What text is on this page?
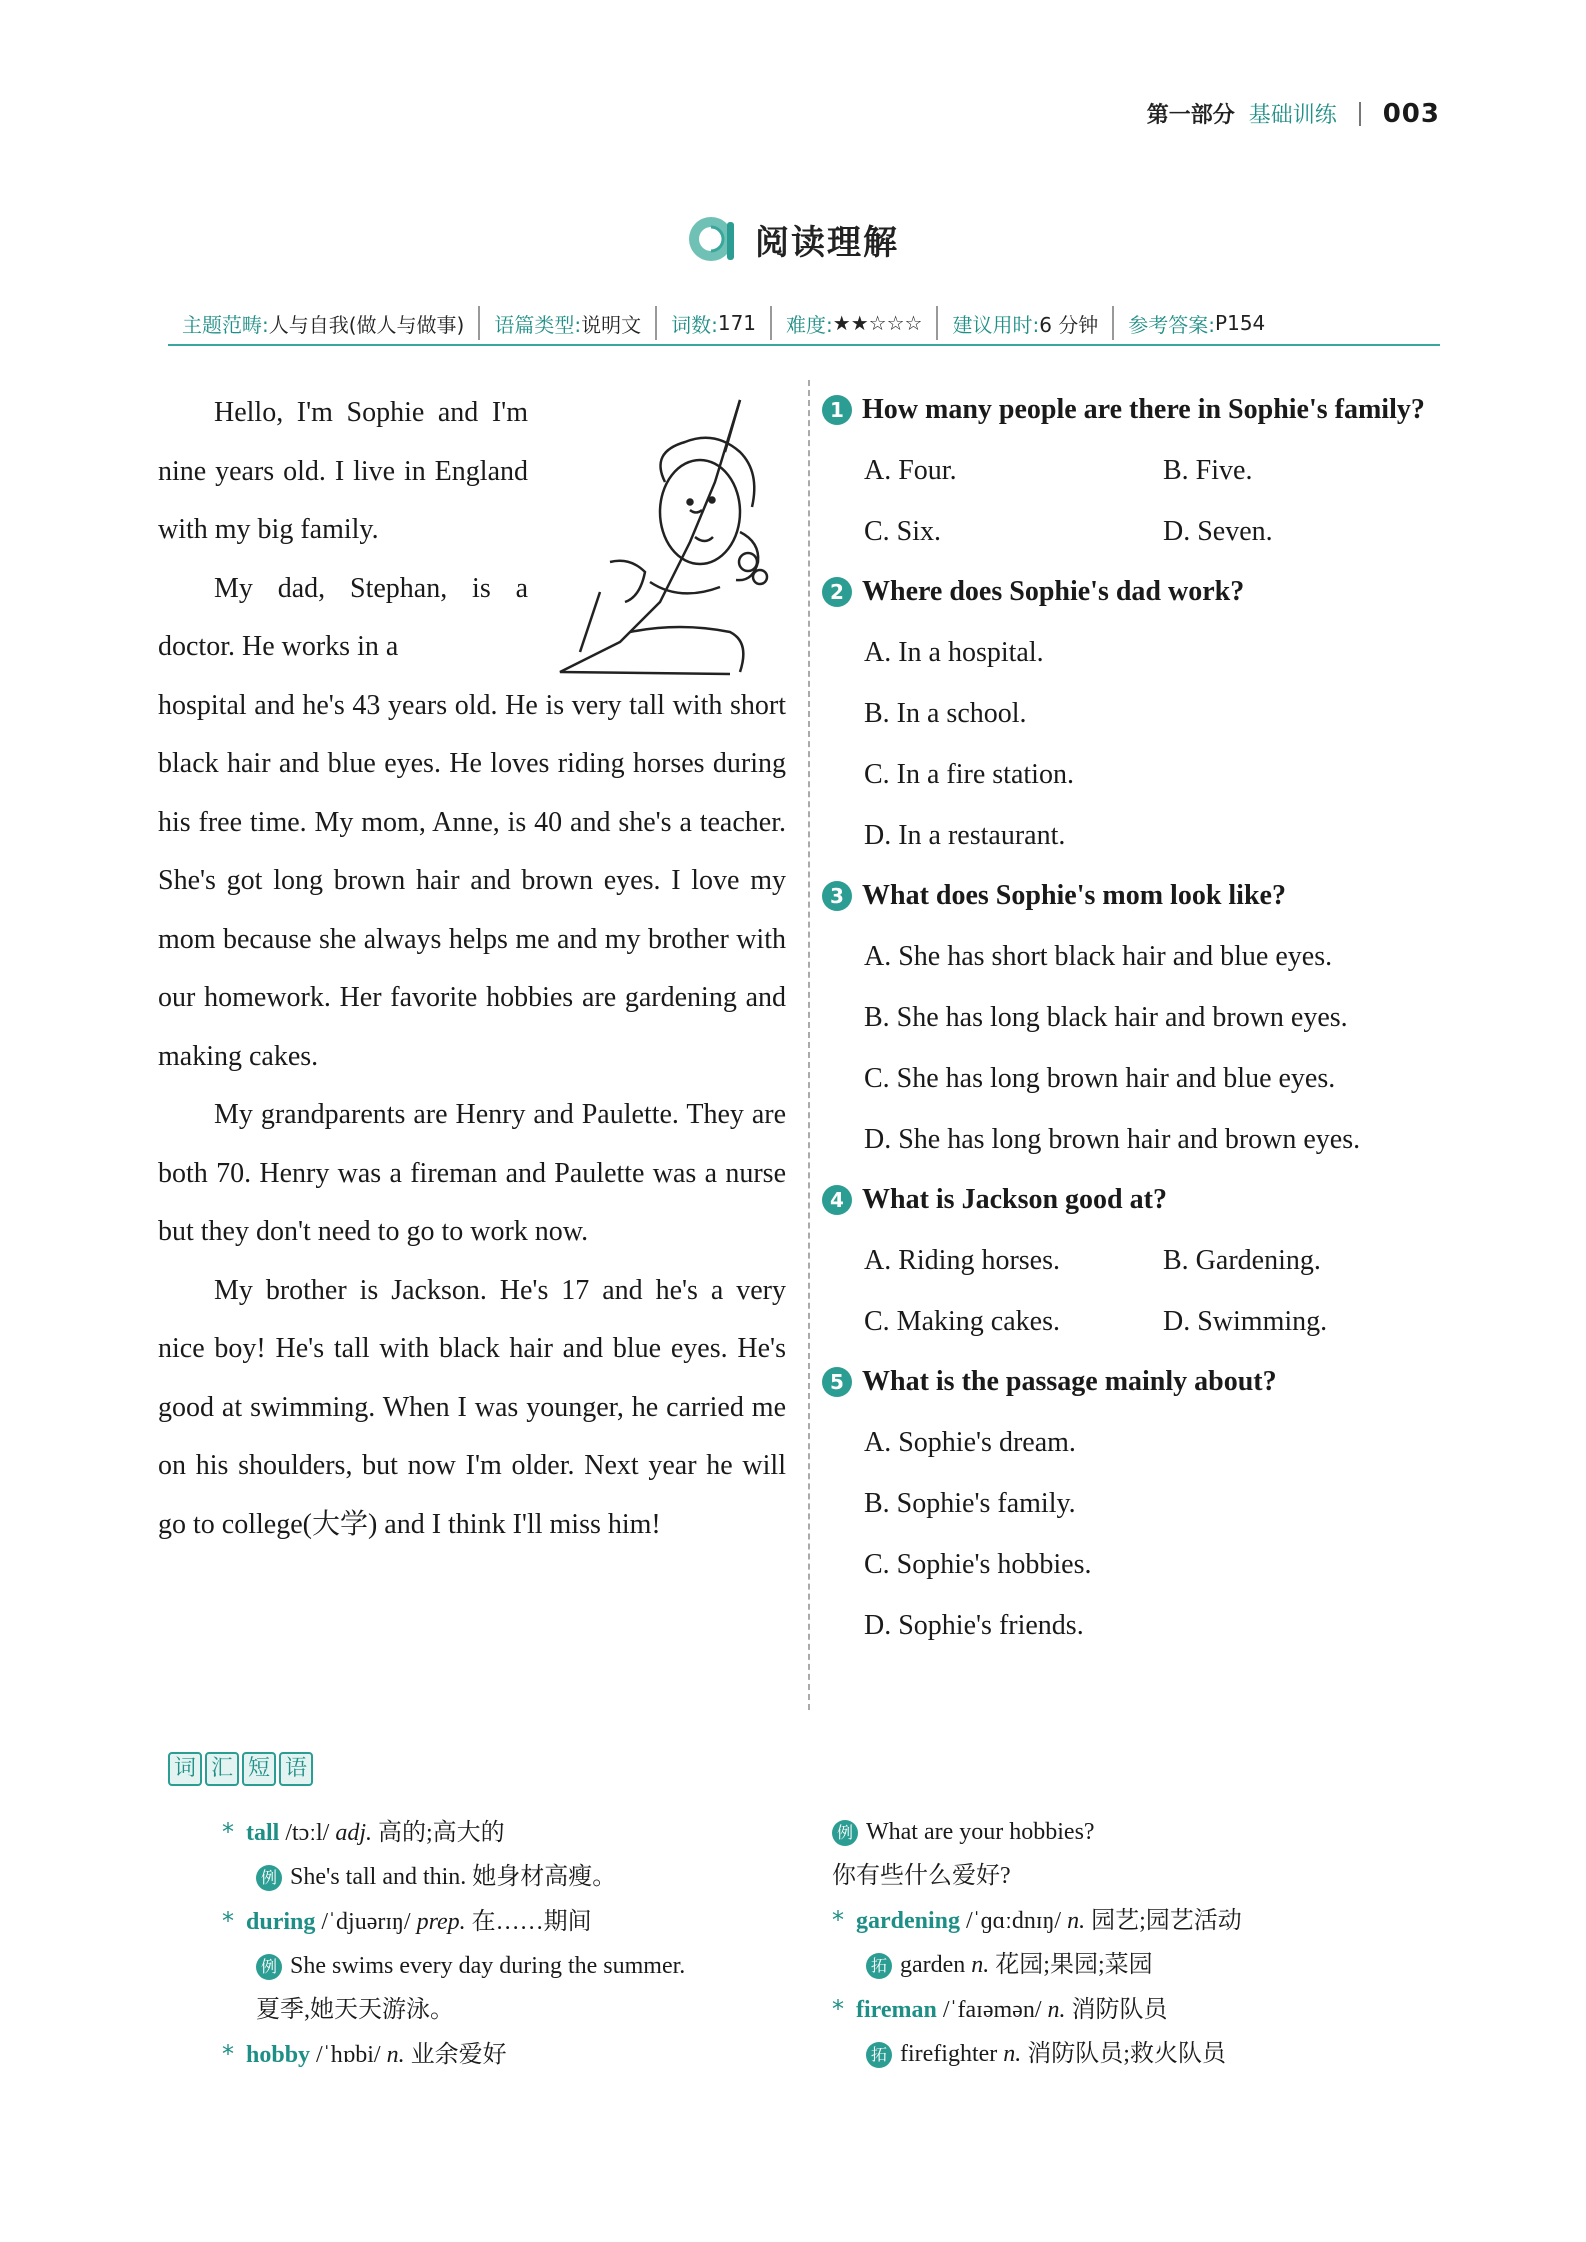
第一部分 基础训练 003
阅读理解
主题范畴: 人与自我(做人与做事) 语篇类型: 说明文 词数: 171 难度: ★★☆☆☆ 建议用时: 6 分钟 参考答案: P154

Hello, I'm Sophie and I'm nine years old. I live in England with my big family.

My dad, Stephan, is a doctor. He works in a

hospital and he's 43 years old. He is very tall with short black hair and blue eyes. He loves riding horses during his free time. My mom, Anne, is 40 and she's a teacher. She's got long brown hair and brown eyes. I love my mom because she always helps me and my brother with our homework. Her favorite hobbies are gardening and making cakes.

My grandparents are Henry and Paulette. They are both 70. Henry was a fireman and Paulette was a nurse but they don't need to go to work now.

My brother is Jackson. He's 17 and he's a very nice boy! He's tall with black hair and blue eyes. He's good at swimming. When I was younger, he carried me on his shoulders, but now I'm older. Next year he will go to college(大学) and I think I'll miss him!

1 How many people are there in Sophie's family?
A. Four.	B. Five.
C. Six.	D. Seven.
2 Where does Sophie's dad work?
A. In a hospital.
B. In a school.
C. In a fire station.
D. In a restaurant.
3 What does Sophie's mom look like?
A. She has short black hair and blue eyes.
B. She has long black hair and brown eyes.
C. She has long brown hair and blue eyes.
D. She has long brown hair and brown eyes.
4 What is Jackson good at?
A. Riding horses.	B. Gardening.
C. Making cakes.	D. Swimming.
5 What is the passage mainly about?
A. Sophie's dream.
B. Sophie's family.
C. Sophie's hobbies.
D. Sophie's friends.
词 汇 短 语
* tall /tɔːl/ adj. 高的;高大的
例 She's tall and thin. 她身材高瘦。
* during /ˈdjuərɪŋ/ prep. 在……期间
例 She swims every day during the summer.
夏季,她天天游泳。
* hobby /ˈhɒbi/ n. 业余爱好
例 What are your hobbies?
你有些什么爱好?
* gardening /ˈɡɑːdnɪŋ/ n. 园艺;园艺活动
拓 garden n. 花园;果园;菜园
* fireman /ˈfaɪəmən/ n. 消防队员
拓 firefighter n. 消防队员;救火队员
